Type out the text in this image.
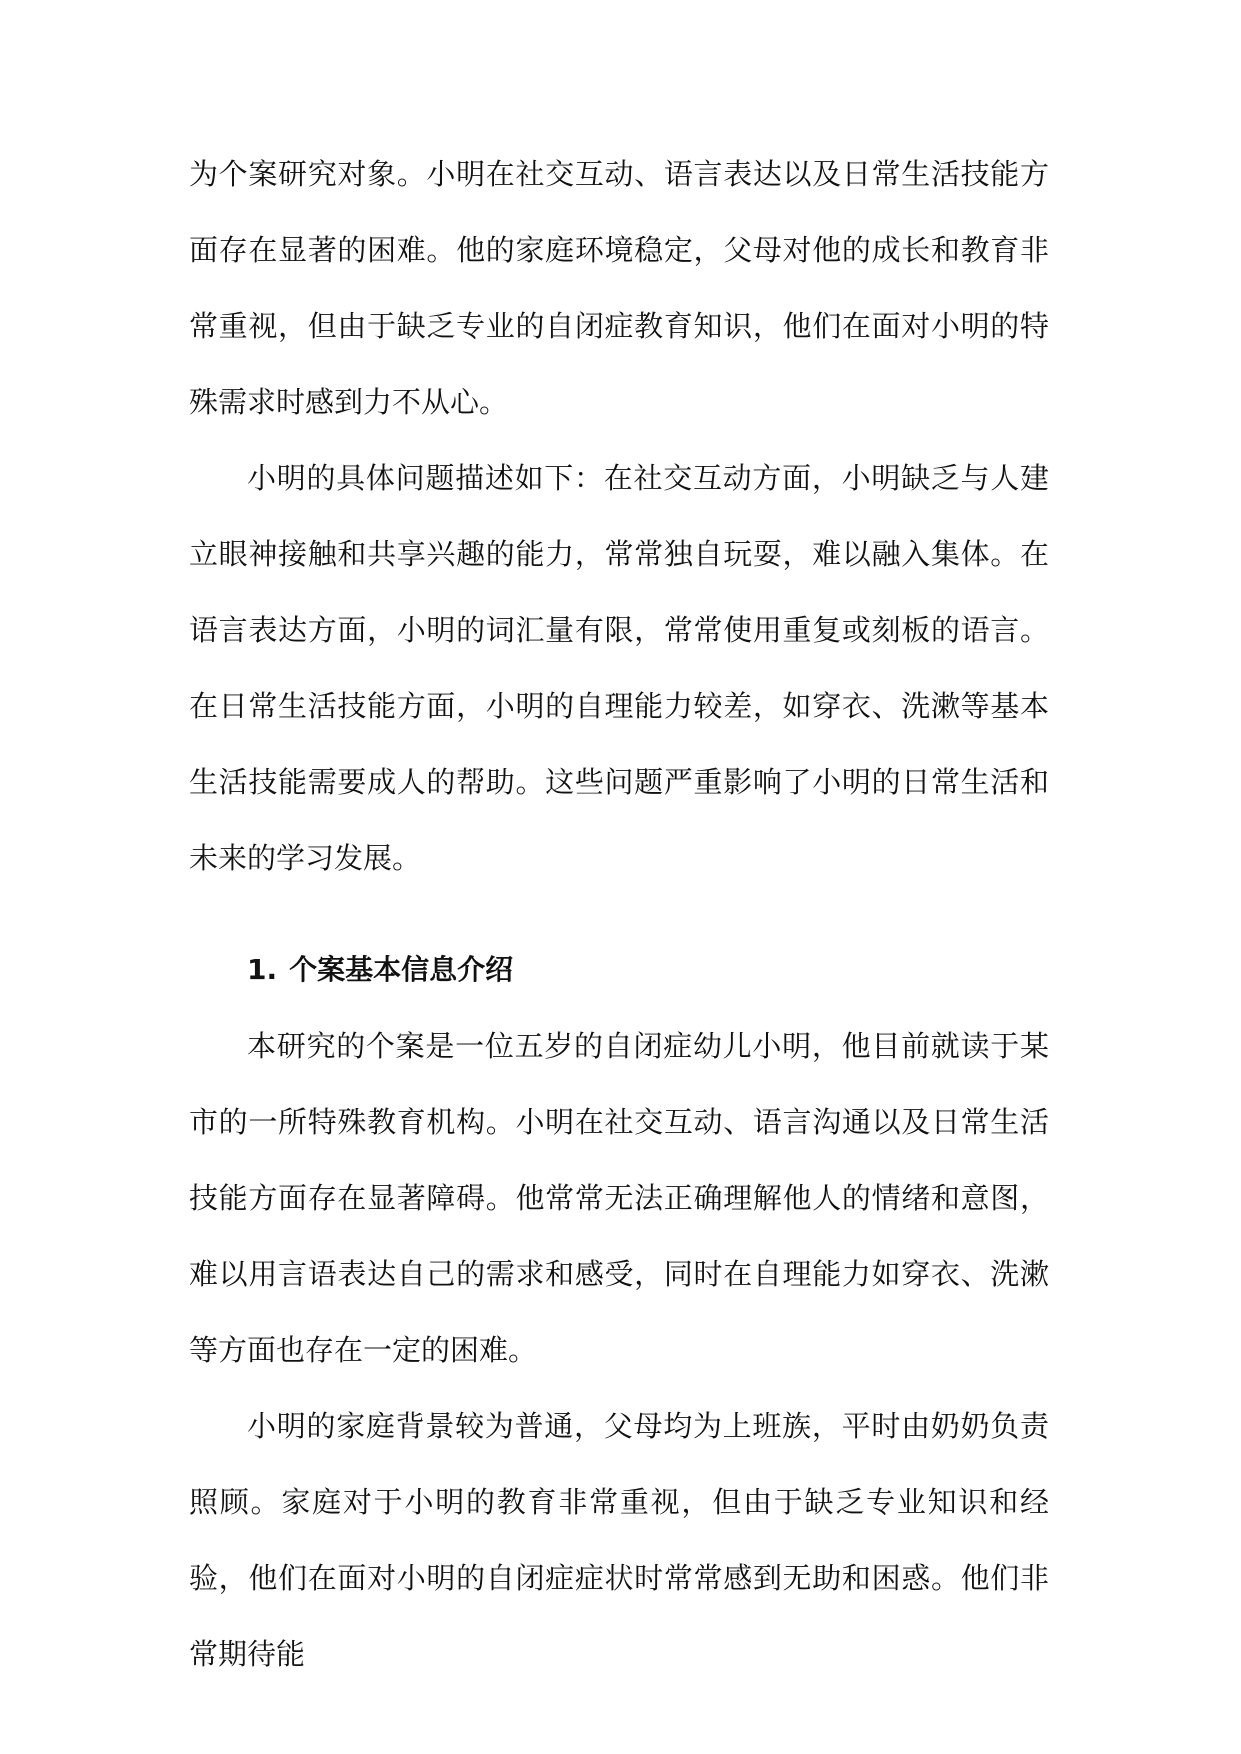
为个案研究对象。小明在社交互动、语言表达以及日常生活技能方面存在显著的困难。他的家庭环境稳定，父母对他的成长和教育非常重视，但由于缺乏专业的自闭症教育知识，他们在面对小明的特殊需求时感到力不从心。

小明的具体问题描述如下：在社交互动方面，小明缺乏与人建立眼神接触和共享兴趣的能力，常常独自玩耍，难以融入集体。在语言表达方面，小明的词汇量有限，常常使用重复或刻板的语言。在日常生活技能方面，小明的自理能力较差，如穿衣、洗漱等基本生活技能需要成人的帮助。这些问题严重影响了小明的日常生活和未来的学习发展。

1. 个案基本信息介绍

本研究的个案是一位五岁的自闭症幼儿小明，他目前就读于某市的一所特殊教育机构。小明在社交互动、语言沟通以及日常生活技能方面存在显著障碍。他常常无法正确理解他人的情绪和意图，难以用言语表达自己的需求和感受，同时在自理能力如穿衣、洗漱等方面也存在一定的困难。

小明的家庭背景较为普通，父母均为上班族，平时由奶奶负责照顾。家庭对于小明的教育非常重视，但由于缺乏专业知识和经验，他们在面对小明的自闭症症状时常常感到无助和困惑。他们非常期待能
